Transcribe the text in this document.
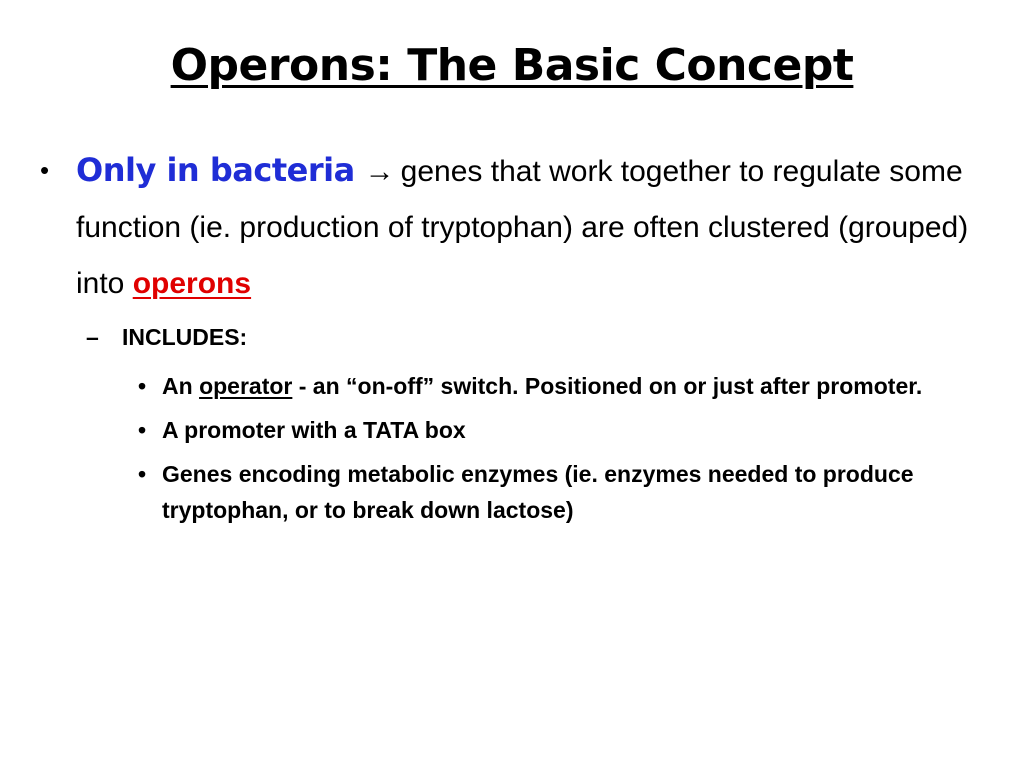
Operons: The Basic Concept
• Only in bacteria → genes that work together to regulate some function (ie. production of tryptophan) are often clustered (grouped) into operons
– INCLUDES:
• An operator - an “on-off” switch. Positioned on or just after promoter.
• A promoter with a TATA box
• Genes encoding metabolic enzymes (ie. enzymes needed to produce tryptophan, or to break down lactose)
